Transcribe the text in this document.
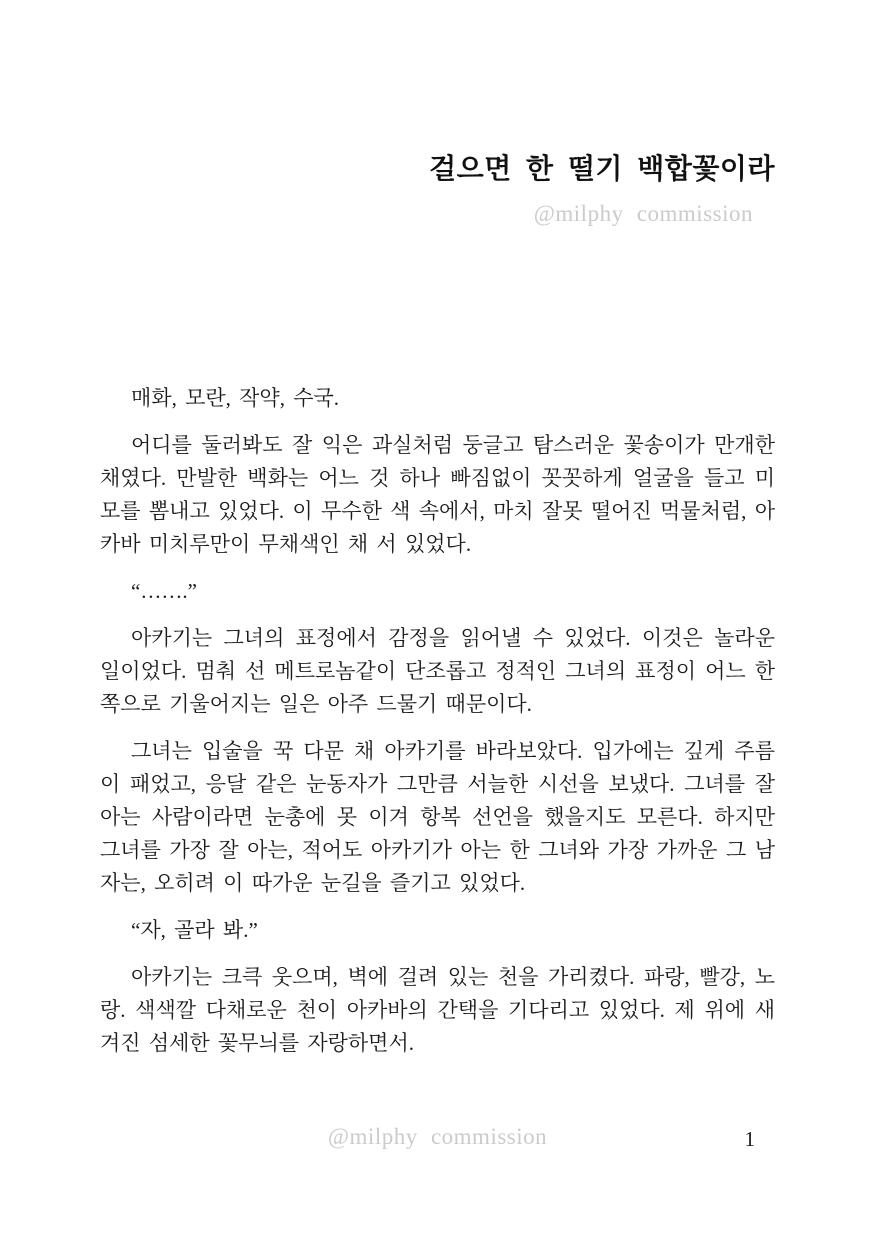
걸으면 한 떨기 백합꽃이라
@milphy commission

매화, 모란, 작약, 수국.

어디를 둘러봐도 잘 익은 과실처럼 둥글고 탐스러운 꽃송이가 만개한 채였다. 만발한 백화는 어느 것 하나 빠짐없이 꼿꼿하게 얼굴을 들고 미모를 뽐내고 있었다. 이 무수한 색 속에서, 마치 잘못 떨어진 먹물처럼, 아카바 미치루만이 무채색인 채 서 있었다.

“…….”

아카기는 그녀의 표정에서 감정을 읽어낼 수 있었다. 이것은 놀라운 일이었다. 멈춰 선 메트로놈같이 단조롭고 정적인 그녀의 표정이 어느 한쪽으로 기울어지는 일은 아주 드물기 때문이다.

그녀는 입술을 꾹 다문 채 아카기를 바라보았다. 입가에는 깊게 주름이 패었고, 응달 같은 눈동자가 그만큼 서늘한 시선을 보냈다. 그녀를 잘 아는 사람이라면 눈총에 못 이겨 항복 선언을 했을지도 모른다. 하지만 그녀를 가장 잘 아는, 적어도 아카기가 아는 한 그녀와 가장 가까운 그 남자는, 오히려 이 따가운 눈길을 즐기고 있었다.

“자, 골라 봐.”

아카기는 크큭 웃으며, 벽에 걸려 있는 천을 가리켰다. 파랑, 빨강, 노랑. 색색깔 다채로운 천이 아카바의 간택을 기다리고 있었다. 제 위에 새겨진 섬세한 꽃무늬를 자랑하면서.

@milphy commission	1
